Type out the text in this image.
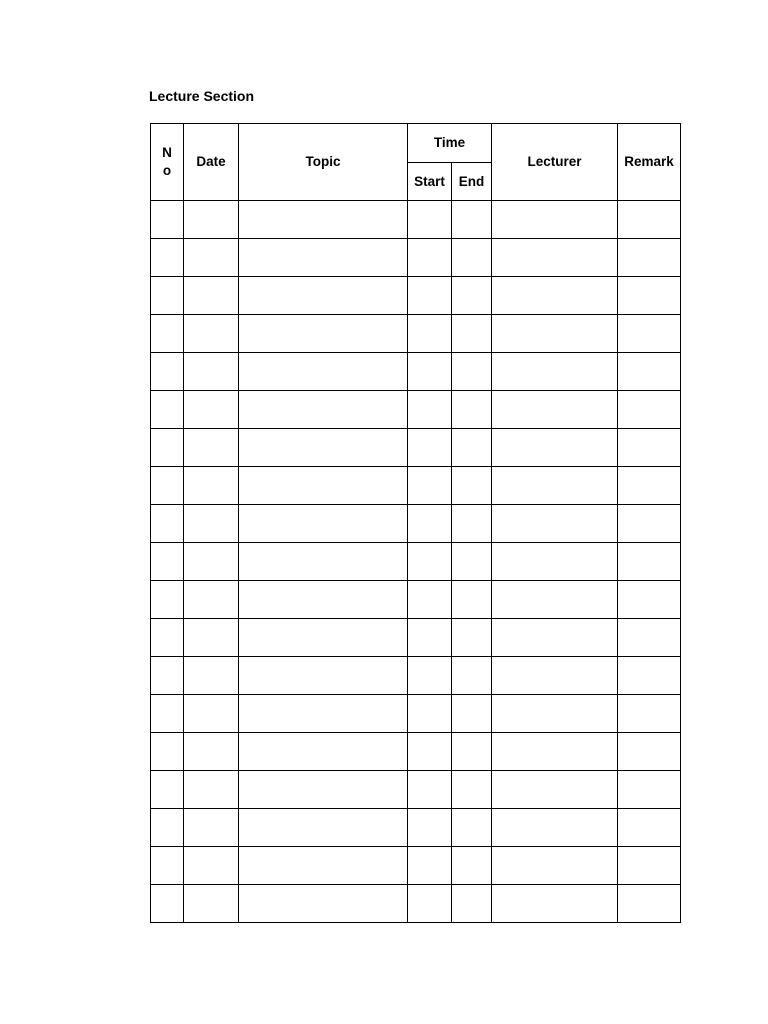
Lecture Section
No	Date	Topic	Time		Lecturer	Remark
			Start	End		
